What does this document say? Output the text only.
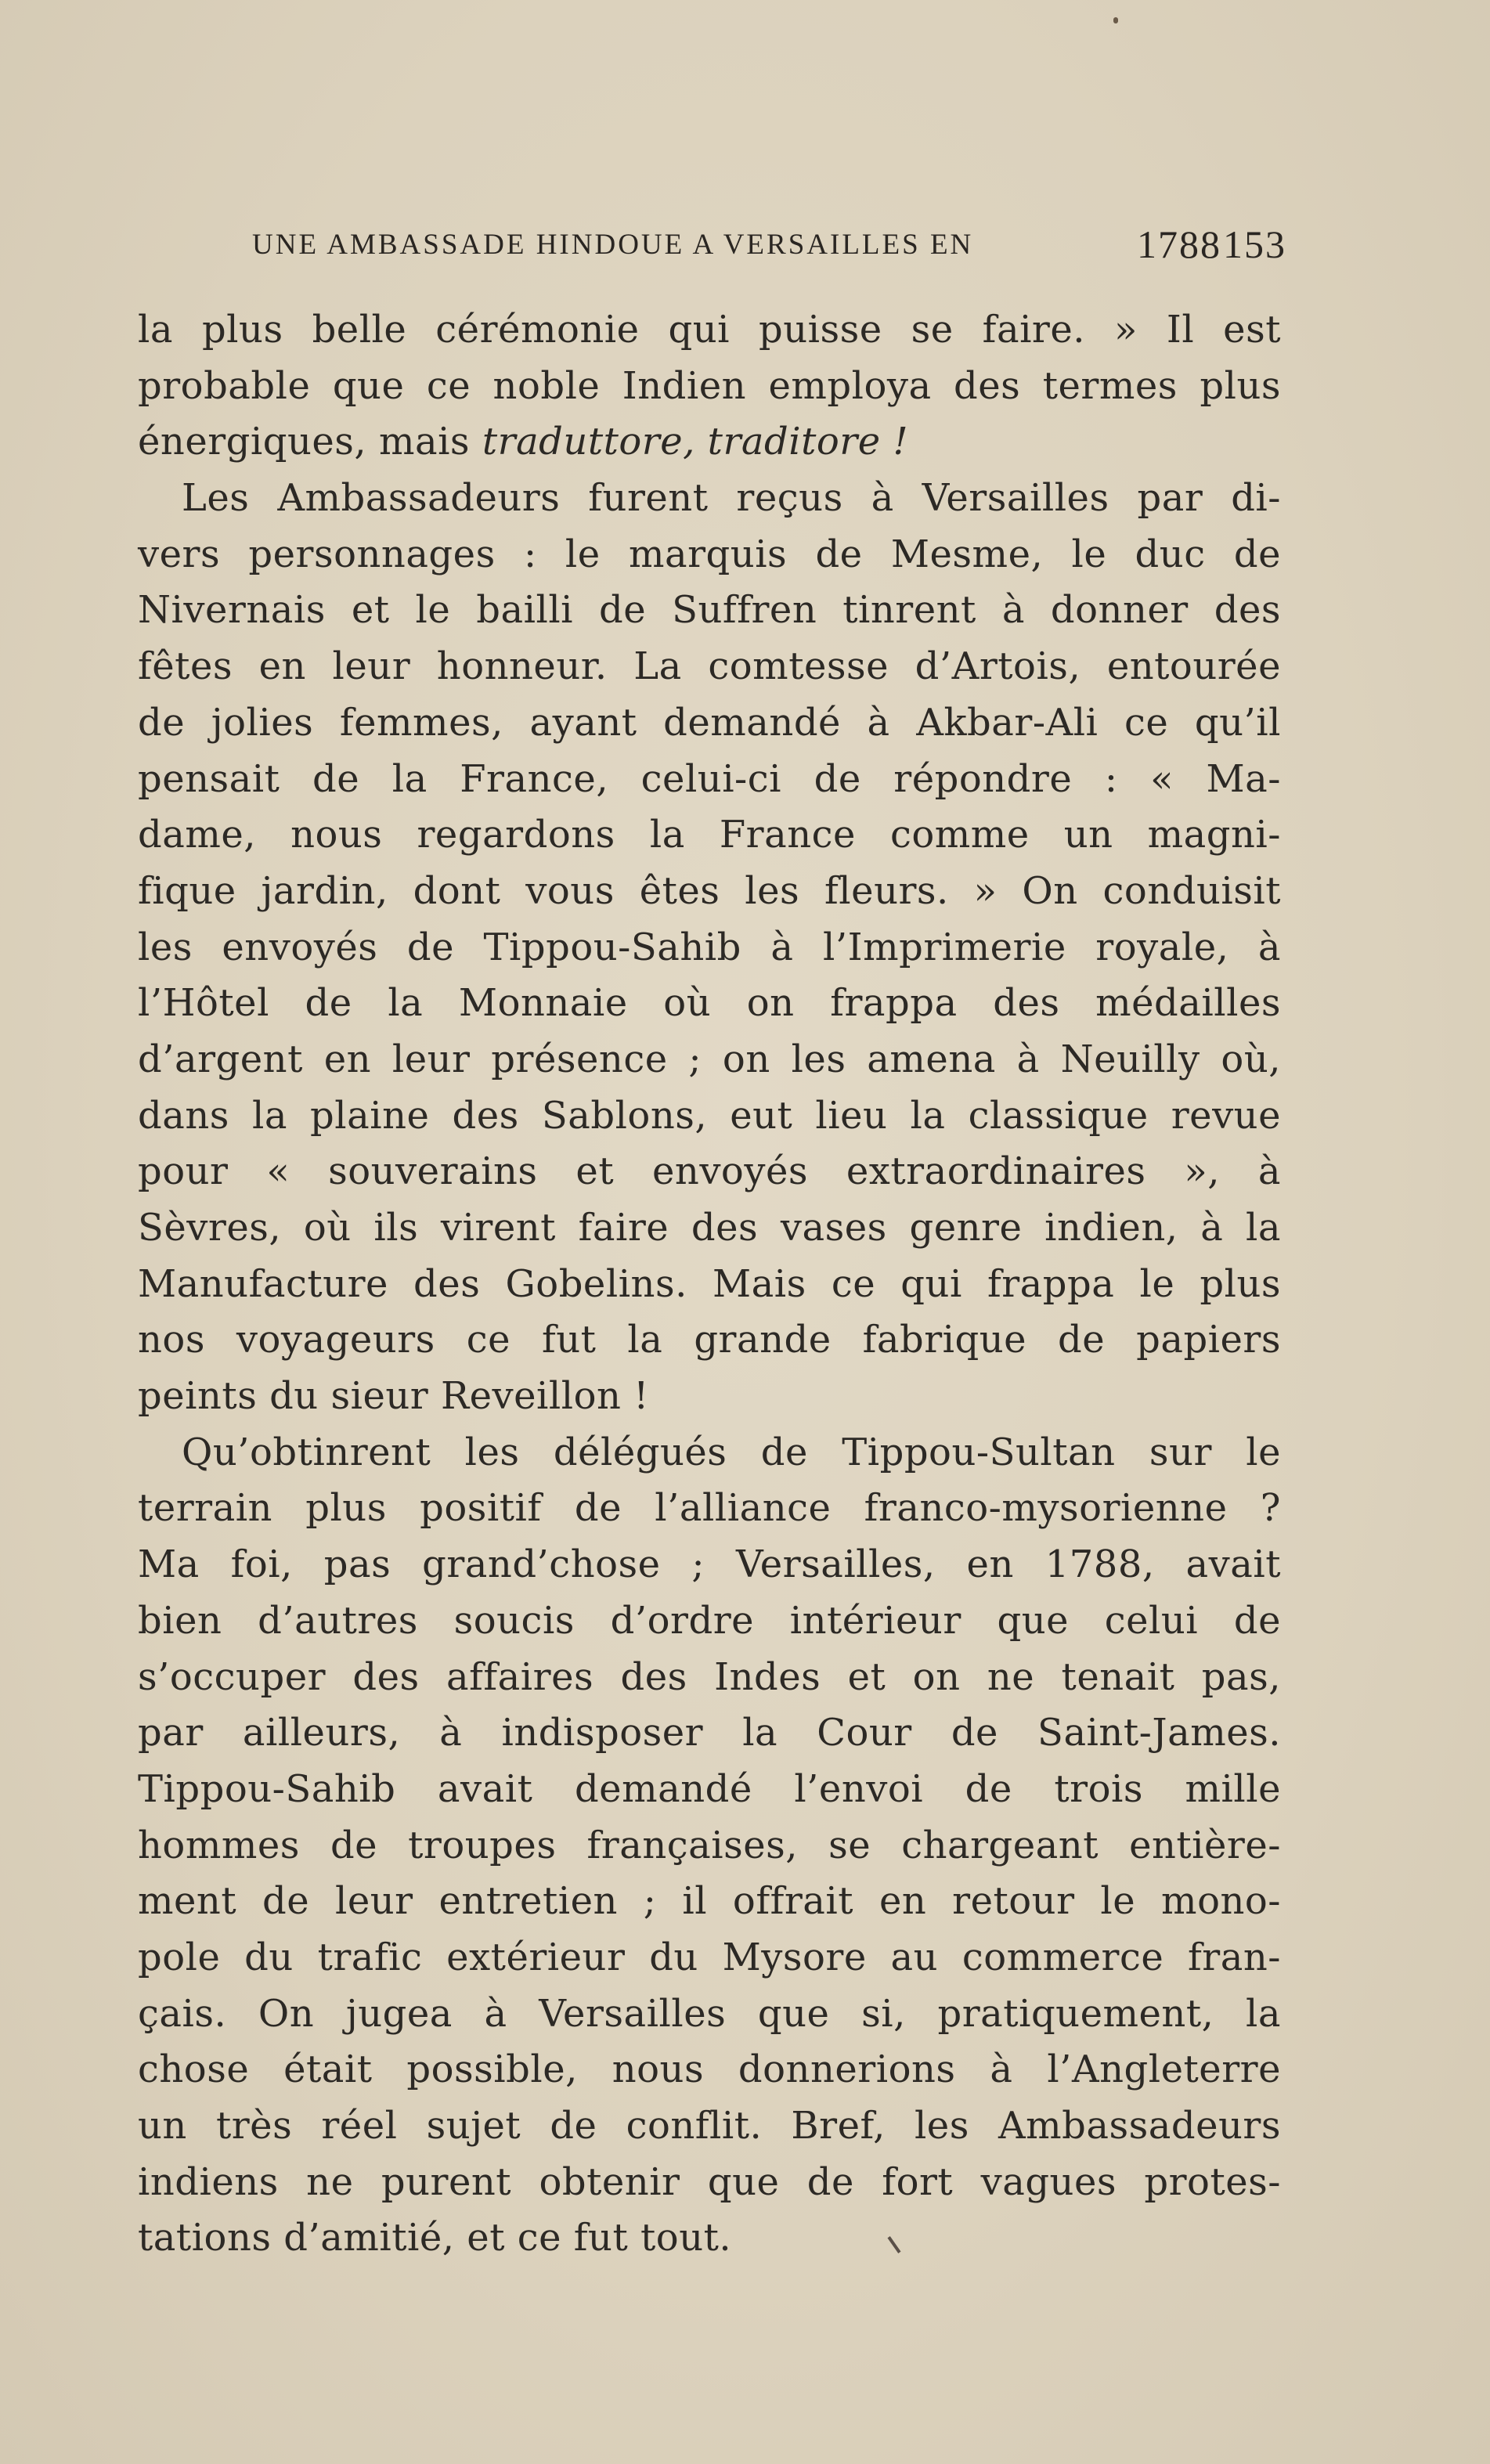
UNE AMBASSADE HINDOUE A VERSAILLES EN	1788 153
la plus belle cérémonie qui puisse se faire. » Il est
probable que ce noble Indien employa des termes plus
énergiques, mais traduttore, traditore !
Les Ambassadeurs furent reçus à Versailles par di-
vers personnages : le marquis de Mesme, le duc de
Nivernais et le bailli de Suffren tinrent à donner des
fêtes en leur honneur. La comtesse d’Artois, entourée
de jolies femmes, ayant demandé à Akbar-Ali ce qu’il
pensait de la France, celui-ci de répondre : « Ma-
dame, nous regardons la France comme un magni-
fique jardin, dont vous êtes les fleurs. » On conduisit
les envoyés de Tippou-Sahib à l’Imprimerie royale, à
l’Hôtel de la Monnaie où on frappa des médailles
d’argent en leur présence ; on les amena à Neuilly où,
dans la plaine des Sablons, eut lieu la classique revue
pour « souverains et envoyés extraordinaires », à
Sèvres, où ils virent faire des vases genre indien, à la
Manufacture des Gobelins. Mais ce qui frappa le plus
nos voyageurs ce fut la grande fabrique de papiers
peints du sieur Reveillon !
Qu’obtinrent les délégués de Tippou-Sultan sur le
terrain plus positif de l’alliance franco-mysorienne ?
Ma foi, pas grand’chose ; Versailles, en 1788, avait
bien d’autres soucis d’ordre intérieur que celui de
s’occuper des affaires des Indes et on ne tenait pas,
par ailleurs, à indisposer la Cour de Saint-James.
Tippou-Sahib avait demandé l’envoi de trois mille
hommes de troupes françaises, se chargeant entière-
ment de leur entretien ; il offrait en retour le mono-
pole du trafic extérieur du Mysore au commerce fran-
çais. On jugea à Versailles que si, pratiquement, la
chose était possible, nous donnerions à l’Angleterre
un très réel sujet de conflit. Bref, les Ambassadeurs
indiens ne purent obtenir que de fort vagues protes-
tations d’amitié, et ce fut tout.
